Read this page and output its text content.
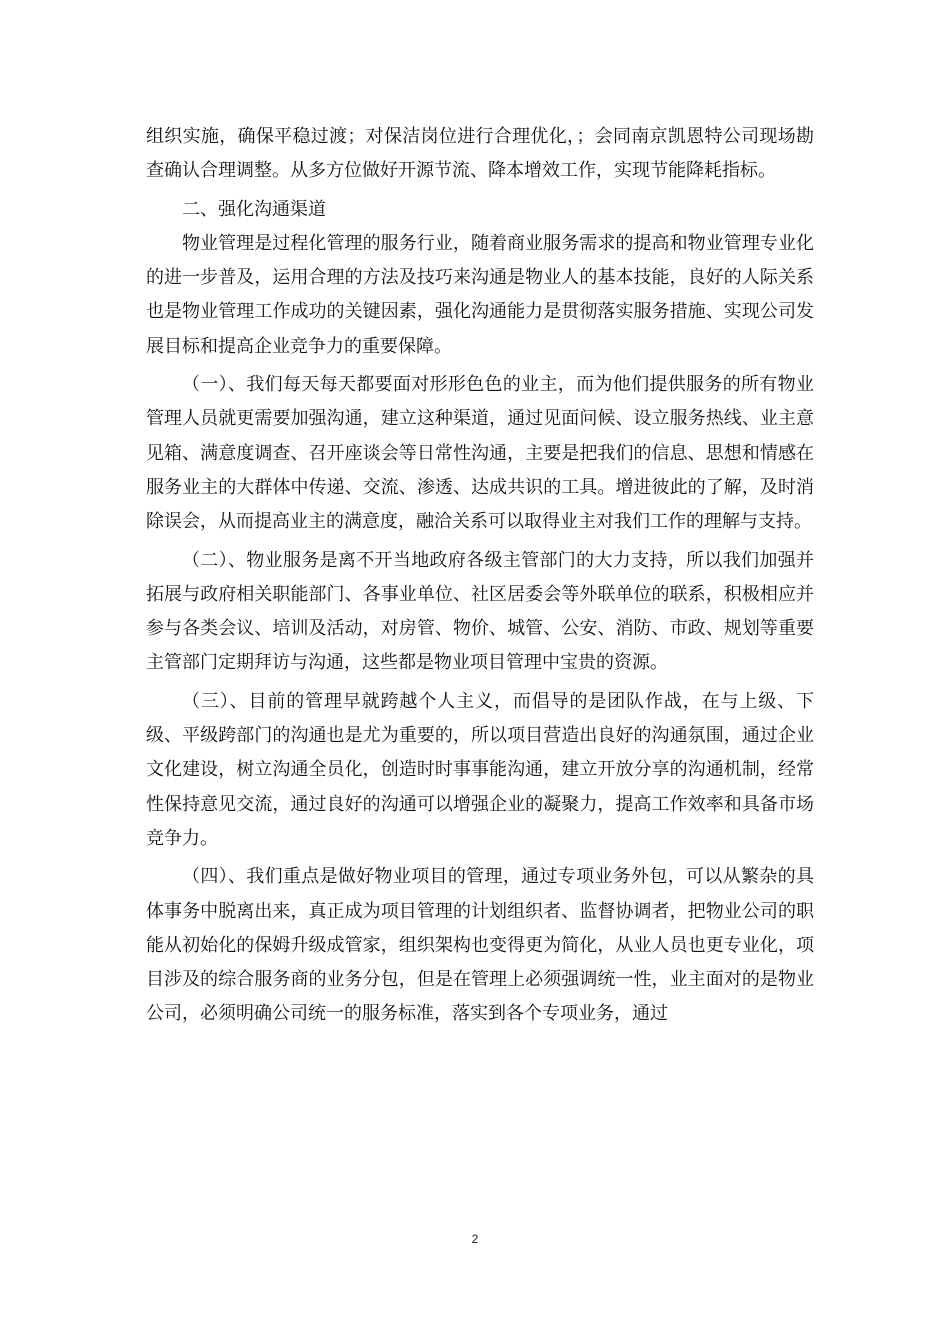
组织实施，确保平稳过渡；对保洁岗位进行合理优化，；会同南京凯恩特公司现场勘查确认合理调整。从多方位做好开源节流、降本增效工作，实现节能降耗指标。

二、强化沟通渠道

物业管理是过程化管理的服务行业，随着商业服务需求的提高和物业管理专业化的进一步普及，运用合理的方法及技巧来沟通是物业人的基本技能，良好的人际关系也是物业管理工作成功的关键因素，强化沟通能力是贯彻落实服务措施、实现公司发展目标和提高企业竞争力的重要保障。

（一）、我们每天每天都要面对形形色色的业主，而为他们提供服务的所有物业管理人员就更需要加强沟通，建立这种渠道，通过见面问候、设立服务热线、业主意见箱、满意度调查、召开座谈会等日常性沟通，主要是把我们的信息、思想和情感在服务业主的大群体中传递、交流、渗透、达成共识的工具。增进彼此的了解，及时消除误会，从而提高业主的满意度，融洽关系可以取得业主对我们工作的理解与支持。

（二）、物业服务是离不开当地政府各级主管部门的大力支持，所以我们加强并拓展与政府相关职能部门、各事业单位、社区居委会等外联单位的联系，积极相应并参与各类会议、培训及活动，对房管、物价、城管、公安、消防、市政、规划等重要主管部门定期拜访与沟通，这些都是物业项目管理中宝贵的资源。

（三）、目前的管理早就跨越个人主义，而倡导的是团队作战，在与上级、下级、平级跨部门的沟通也是尤为重要的，所以项目营造出良好的沟通氛围，通过企业文化建设，树立沟通全员化，创造时时事事能沟通，建立开放分享的沟通机制，经常性保持意见交流，通过良好的沟通可以增强企业的凝聚力，提高工作效率和具备市场竞争力。

（四）、我们重点是做好物业项目的管理，通过专项业务外包，可以从繁杂的具体事务中脱离出来，真正成为项目管理的计划组织者、监督协调者，把物业公司的职能从初始化的保姆升级成管家，组织架构也变得更为简化，从业人员也更专业化，项目涉及的综合服务商的业务分包，但是在管理上必须强调统一性，业主面对的是物业公司，必须明确公司统一的服务标准，落实到各个专项业务，通过

2
